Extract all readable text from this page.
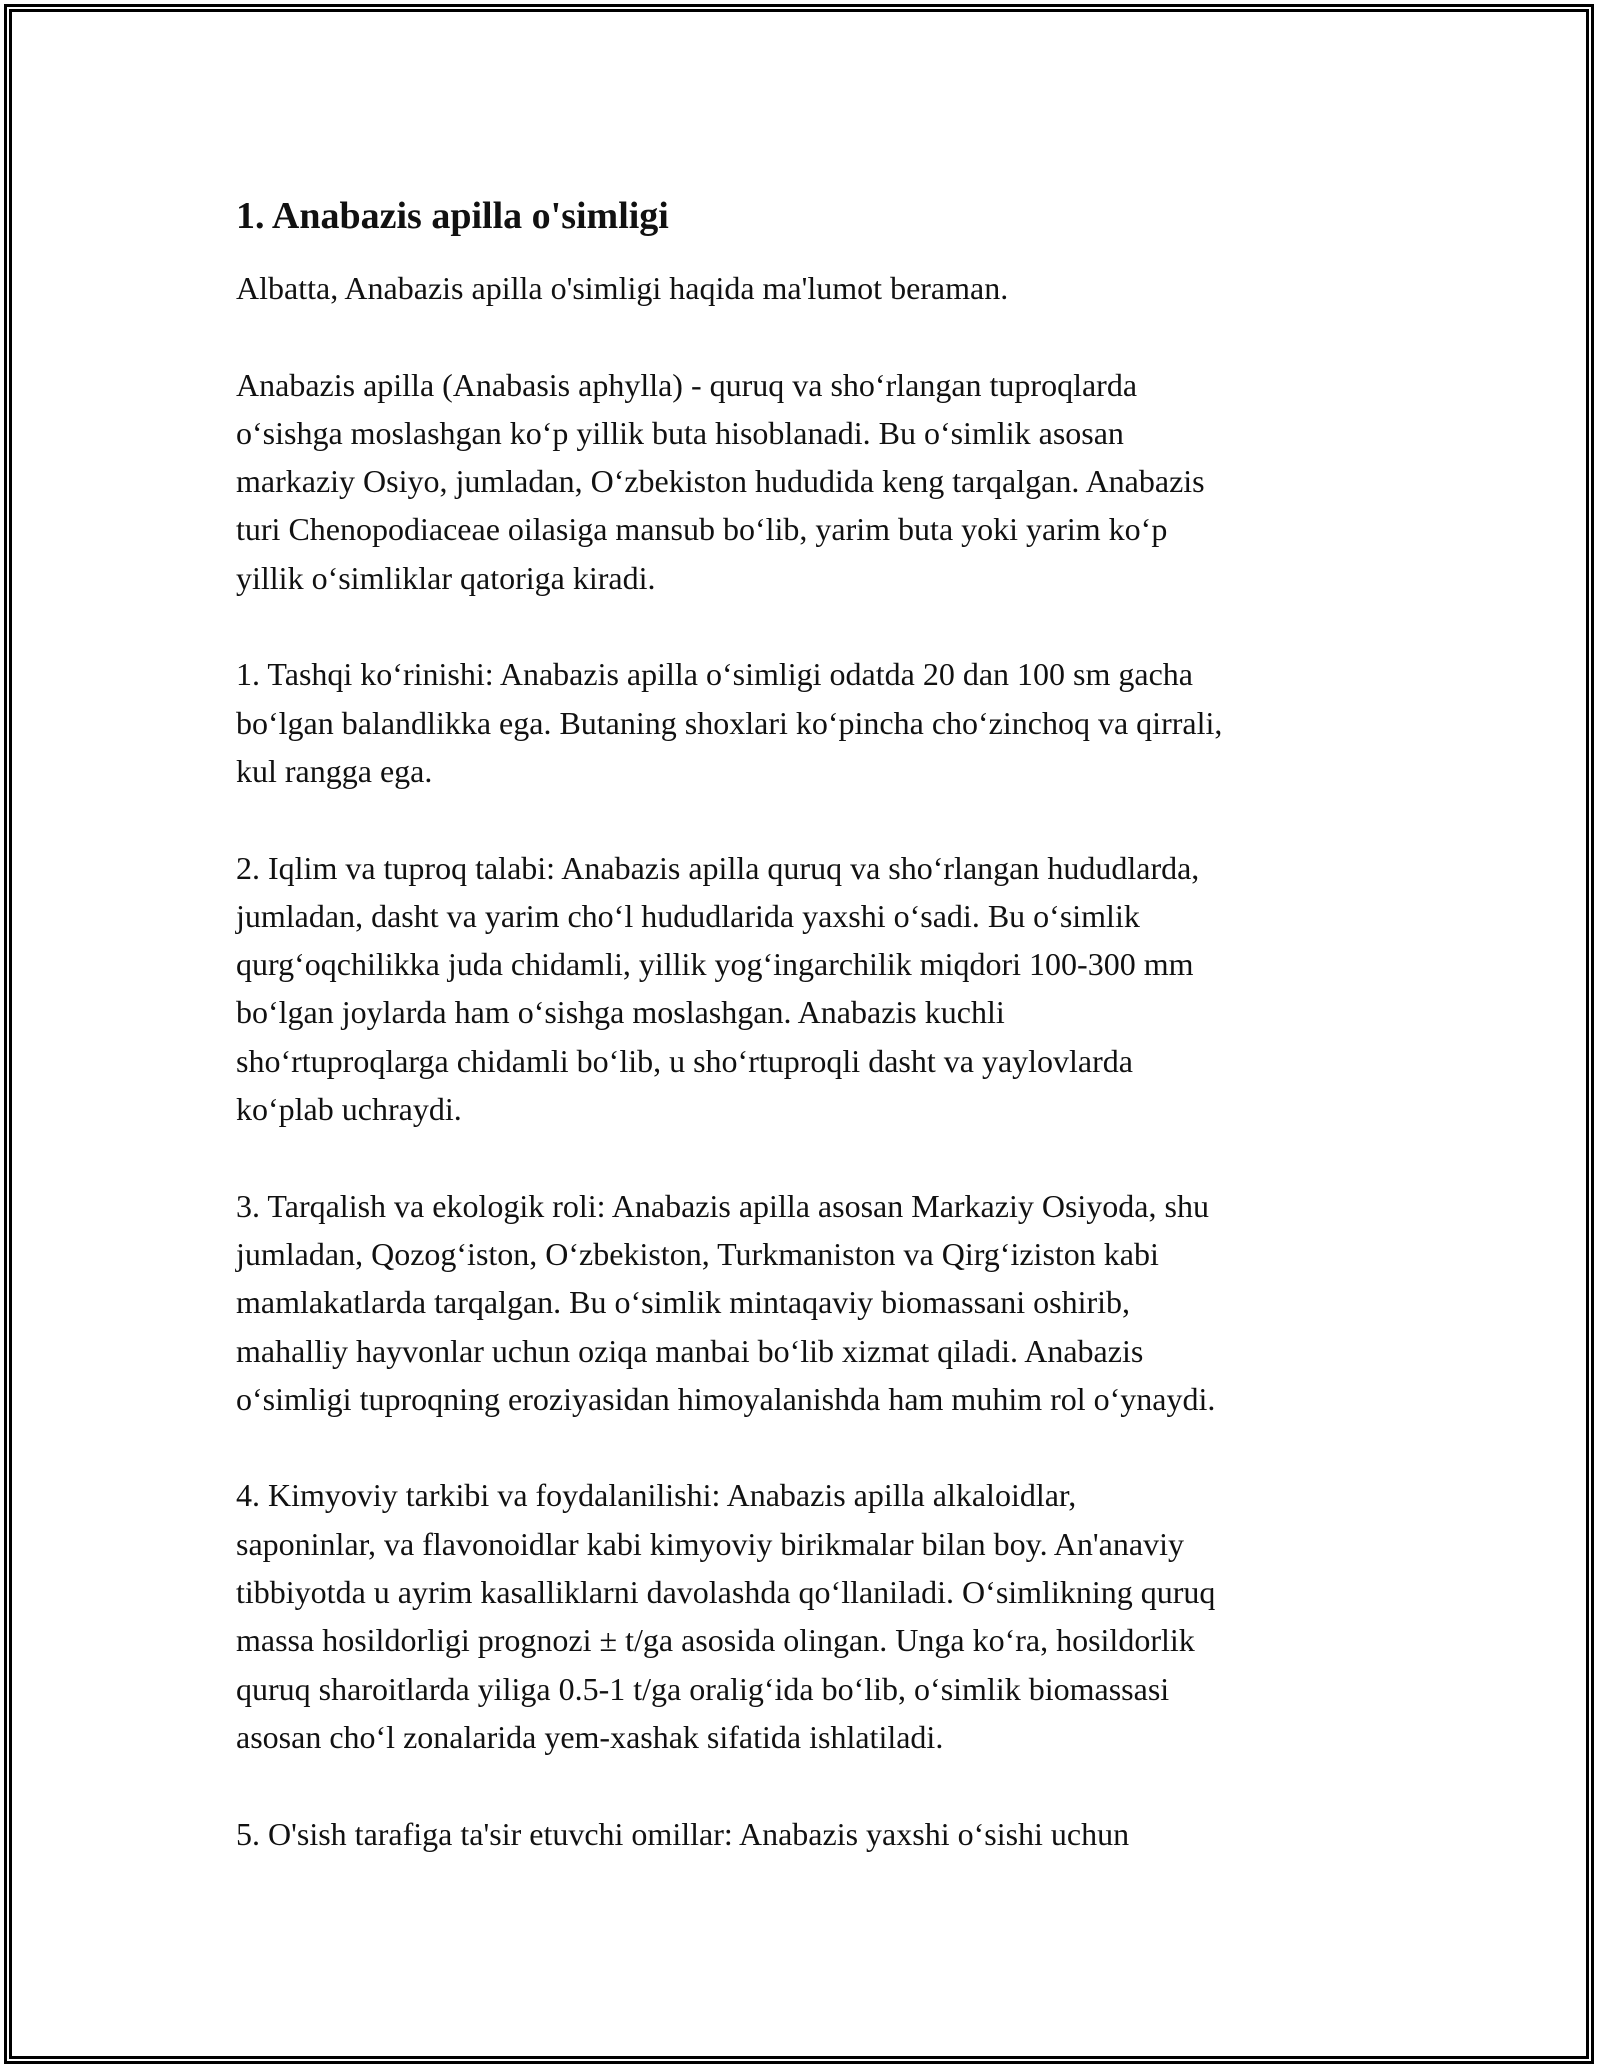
1. Anabazis apilla o'simligi

Albatta, Anabazis apilla o'simligi haqida ma'lumot beraman.

Anabazis apilla (Anabasis aphylla) - quruq va sho‘rlangan tuproqlarda
o‘sishga moslashgan ko‘p yillik buta hisoblanadi. Bu o‘simlik asosan
markaziy Osiyo, jumladan, O‘zbekiston hududida keng tarqalgan. Anabazis
turi Chenopodiaceae oilasiga mansub bo‘lib, yarim buta yoki yarim ko‘p
yillik o‘simliklar qatoriga kiradi.

1. Tashqi ko‘rinishi: Anabazis apilla o‘simligi odatda 20 dan 100 sm gacha
bo‘lgan balandlikka ega. Butaning shoxlari ko‘pincha cho‘zinchoq va qirrali,
kul rangga ega.

2. Iqlim va tuproq talabi: Anabazis apilla quruq va sho‘rlangan hududlarda,
jumladan, dasht va yarim cho‘l hududlarida yaxshi o‘sadi. Bu o‘simlik
qurg‘oqchilikka juda chidamli, yillik yog‘ingarchilik miqdori 100-300 mm
bo‘lgan joylarda ham o‘sishga moslashgan. Anabazis kuchli
sho‘rtuproqlarga chidamli bo‘lib, u sho‘rtuproqli dasht va yaylovlarda
ko‘plab uchraydi.

3. Tarqalish va ekologik roli: Anabazis apilla asosan Markaziy Osiyoda, shu
jumladan, Qozog‘iston, O‘zbekiston, Turkmaniston va Qirg‘iziston kabi
mamlakatlarda tarqalgan. Bu o‘simlik mintaqaviy biomassani oshirib,
mahalliy hayvonlar uchun oziqa manbai bo‘lib xizmat qiladi. Anabazis
o‘simligi tuproqning eroziyasidan himoyalanishda ham muhim rol o‘ynaydi.

4. Kimyoviy tarkibi va foydalanilishi: Anabazis apilla alkaloidlar,
saponinlar, va flavonoidlar kabi kimyoviy birikmalar bilan boy. An'anaviy
tibbiyotda u ayrim kasalliklarni davolashda qo‘llaniladi. O‘simlikning quruq
massa hosildorligi prognozi ± t/ga asosida olingan. Unga ko‘ra, hosildorlik
quruq sharoitlarda yiliga 0.5-1 t/ga oralig‘ida bo‘lib, o‘simlik biomassasi
asosan cho‘l zonalarida yem-xashak sifatida ishlatiladi.

5. O'sish tarafiga ta'sir etuvchi omillar: Anabazis yaxshi o‘sishi uchun
